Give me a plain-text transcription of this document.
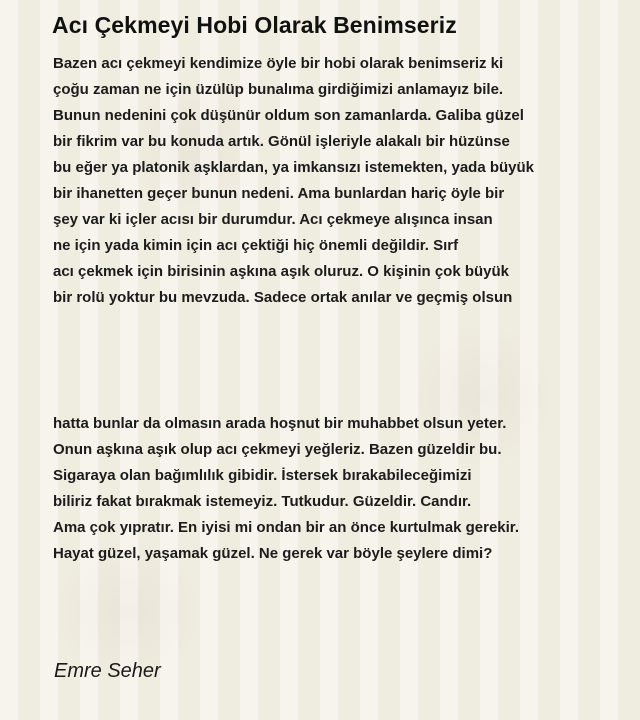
Acı Çekmeyi Hobi Olarak Benimseriz
Bazen acı çekmeyi kendimize öyle bir hobi olarak benimseriz ki
çoğu zaman ne için üzülüp bunalıma girdiğimizi anlamayız bile.
Bunun nedenini çok düşünür oldum son zamanlarda. Galiba güzel
bir fikrim var bu konuda artık. Gönül işleriyle alakalı bir hüzünse
bu eğer ya platonik aşklardan, ya imkansızı istemekten, yada büyük
bir ihanetten geçer bunun nedeni. Ama bunlardan hariç öyle bir
şey var ki içler acısı bir durumdur. Acı çekmeye alışınca insan
ne için yada kimin için acı çektiği hiç önemli değildir. Sırf
acı çekmek için birisinin aşkına aşık oluruz. O kişinin çok büyük
bir rolü yoktur bu mevzuda. Sadece ortak anılar ve geçmiş olsun
hatta bunlar da olmasın arada hoşnut bir muhabbet olsun yeter.
Onun aşkına aşık olup acı çekmeyi yeğleriz. Bazen güzeldir bu.
Sigaraya olan bağımlılık gibidir. İstersek bırakabileceğimizi
biliriz fakat bırakmak istemeyiz. Tutkudur. Güzeldir. Candır.
Ama çok yıpratır. En iyisi mi ondan bir an önce kurtulmak gerekir.
Hayat güzel, yaşamak güzel. Ne gerek var böyle şeylere dimi?
Emre Seher
